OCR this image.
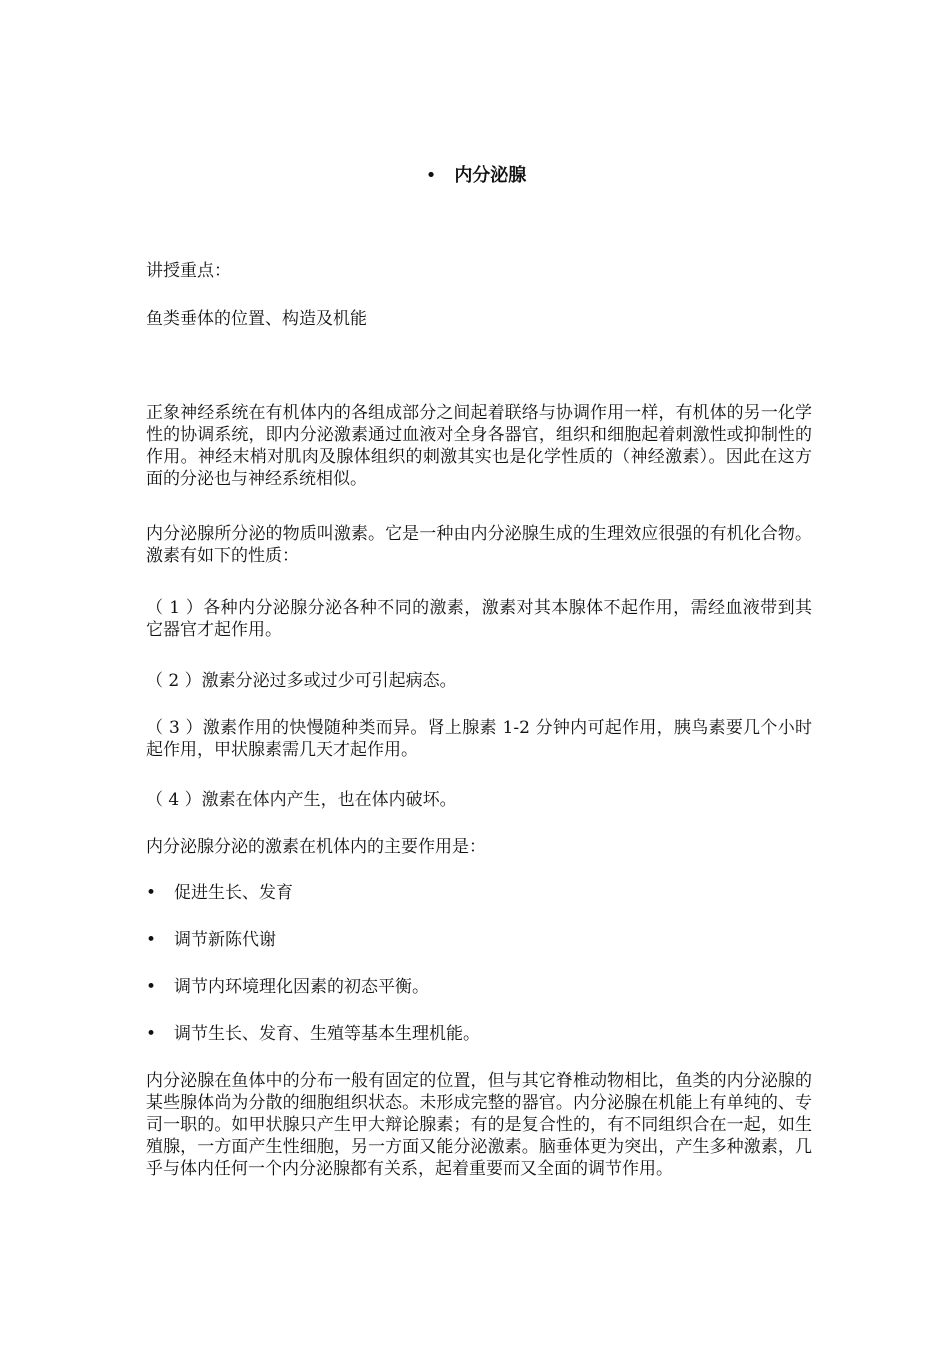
• 内分泌腺

讲授重点：

鱼类垂体的位置、构造及机能

正象神经系统在有机体内的各组成部分之间起着联络与协调作用一样，有机体的另一化学性的协调系统，即内分泌激素通过血液对全身各器官，组织和细胞起着刺激性或抑制性的作用。神经末梢对肌肉及腺体组织的刺激其实也是化学性质的（神经激素）。因此在这方面的分泌也与神经系统相似。

内分泌腺所分泌的物质叫激素。它是一种由内分泌腺生成的生理效应很强的有机化合物。激素有如下的性质：

（ 1 ）各种内分泌腺分泌各种不同的激素，激素对其本腺体不起作用，需经血液带到其它器官才起作用。

（ 2 ）激素分泌过多或过少可引起病态。

（ 3 ）激素作用的快慢随种类而异。肾上腺素 1-2 分钟内可起作用，胰鸟素要几个小时起作用，甲状腺素需几天才起作用。

（ 4 ）激素在体内产生，也在体内破坏。

内分泌腺分泌的激素在机体内的主要作用是：

• 促进生长、发育
• 调节新陈代谢
• 调节内环境理化因素的初态平衡。
• 调节生长、发育、生殖等基本生理机能。

内分泌腺在鱼体中的分布一般有固定的位置，但与其它脊椎动物相比，鱼类的内分泌腺的某些腺体尚为分散的细胞组织状态。未形成完整的器官。内分泌腺在机能上有单纯的、专司一职的。如甲状腺只产生甲大辩论腺素；有的是复合性的，有不同组织合在一起，如生殖腺，一方面产生性细胞，另一方面又能分泌激素。脑垂体更为突出，产生多种激素，几乎与体内任何一个内分泌腺都有关系，起着重要而又全面的调节作用。
